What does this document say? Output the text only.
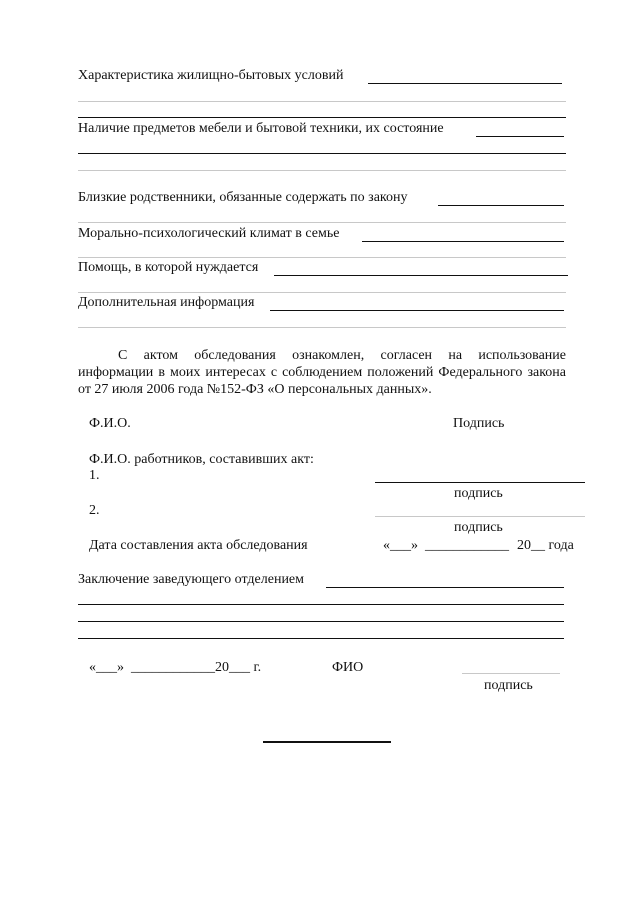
Характеристика жилищно-бытовых условий
Наличие предметов мебели и бытовой техники, их состояние
Близкие родственники, обязанные содержать по закону
Морально-психологический климат в семье
Помощь, в которой нуждается
Дополнительная информация
С актом обследования ознакомлен, согласен на использование информации в моих интересах с соблюдением положений Федерального закона от 27 июля 2006 года №152-ФЗ «О персональных данных».
Ф.И.О.	Подпись
Ф.И.О. работников, составивших акт:
1.
подпись
2.
подпись
Дата составления акта обследования	«___» ____________ 20__ года
Заключение заведующего отделением
«___» ____________ 20___ г.	ФИО
подпись
